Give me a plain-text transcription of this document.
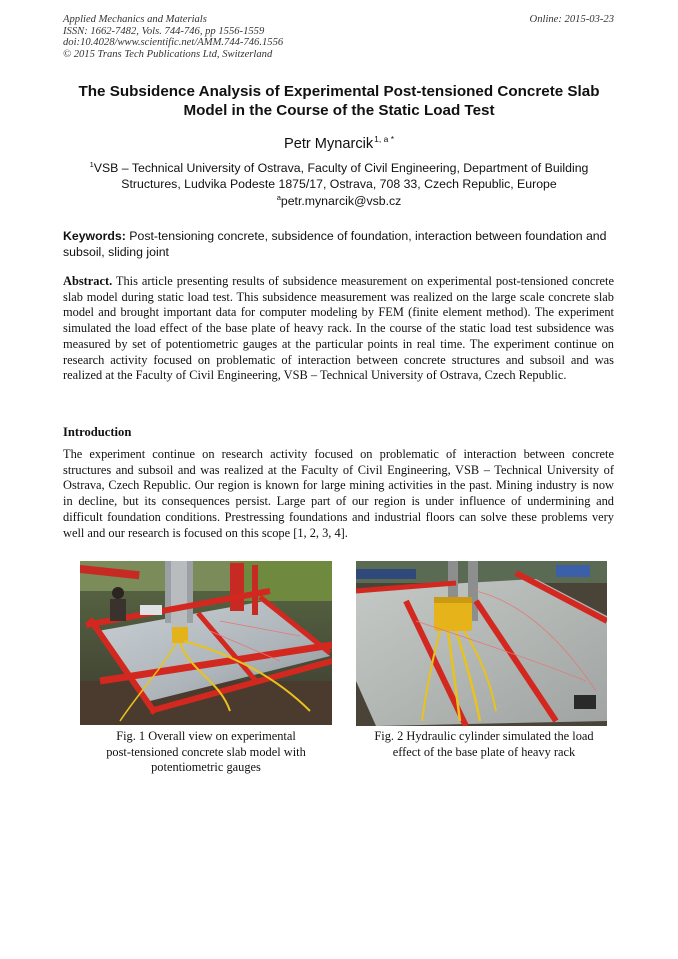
Applied Mechanics and Materials
ISSN: 1662-7482, Vols. 744-746, pp 1556-1559
doi:10.4028/www.scientific.net/AMM.744-746.1556
© 2015 Trans Tech Publications Ltd, Switzerland
Online: 2015-03-23
The Subsidence Analysis of Experimental Post-tensioned Concrete Slab
Model in the Course of the Static Load Test
Petr Mynarcik$^{1, a *}$
$^1$VSB – Technical University of Ostrava, Faculty of Civil Engineering, Department of Building
Structures, Ludvika Podeste 1875/17, Ostrava, 708 33, Czech Republic, Europe
$^a$petr.mynarcik@vsb.cz
Keywords: Post-tensioning concrete, subsidence of foundation, interaction between foundation and subsoil, sliding joint
Abstract. This article presenting results of subsidence measurement on experimental post-tensioned concrete slab model during static load test. This subsidence measurement was realized on the large scale concrete slab model and brought important data for computer modeling by FEM (finite element method). The experiment simulated the load effect of the base plate of heavy rack. In the course of the static load test subsidence was measured by set of potentiometric gauges at the particular points in real time. The experiment continue on research activity focused on problematic of interaction between concrete structures and subsoil and was realized at the Faculty of Civil Engineering, VSB – Technical University of Ostrava, Czech Republic.
Introduction
The experiment continue on research activity focused on problematic of interaction between concrete structures and subsoil and was realized at the Faculty of Civil Engineering, VSB – Technical University of Ostrava, Czech Republic. Our region is known for large mining activities in the past. Mining industry is now in decline, but its consequences persist. Large part of our region is under influence of undermining and difficult foundation conditions. Prestressing foundations and industrial floors can solve these problems very well and our research is focused on this scope [1, 2, 3, 4].
Fig. 1 Overall view on experimental
post-tensioned concrete slab model with
potentiometric gauges
Fig. 2 Hydraulic cylinder simulated the load
effect of the base plate of heavy rack
